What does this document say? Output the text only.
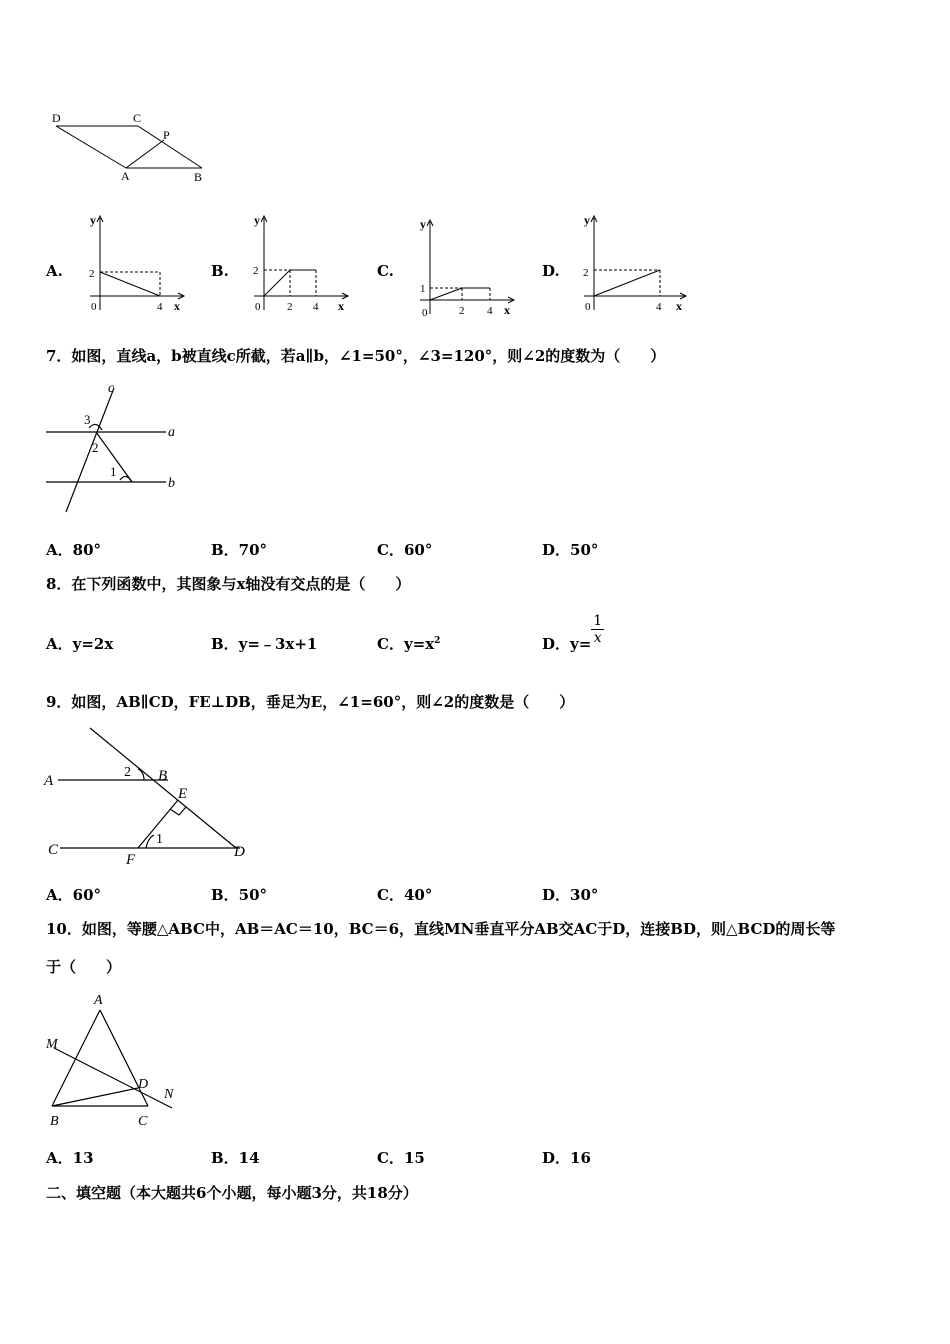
D	C
P
A	B
A.
y
x
0
2
4
B.
y
x
0
2
2 4
C.
y
x
0
1
2 4
D.
y
x
0
2
4
7．如图，直线a，b被直线c所截，若a∥b，∠1=50°，∠3=120°，则∠2的度数为（　　）
c
a
b
3
2
1
A．80°	B．70°	C．60°	D．50°
8．在下列函数中，其图象与x轴没有交点的是（　　）
A．y=2x	B．y=﹣3x+1	C．$y=x^2$	D．$y= \frac{1}{x}$
9．如图，AB∥CD，FE⊥DB，垂足为E，∠1=60°，则∠2的度数是（　　）
A	B
C	D
E
F
1
2
A．60°	B．50°	C．40°	D．30°
10．如图，等腰△ABC中，AB＝AC＝10，BC＝6，直线MN垂直平分AB交AC于D，连接BD，则△BCD的周长等
于（　　）
A
M
D
N
B	C
A．13	B．14	C．15	D．16
二、填空题（本大题共6个小题，每小题3分，共18分）
